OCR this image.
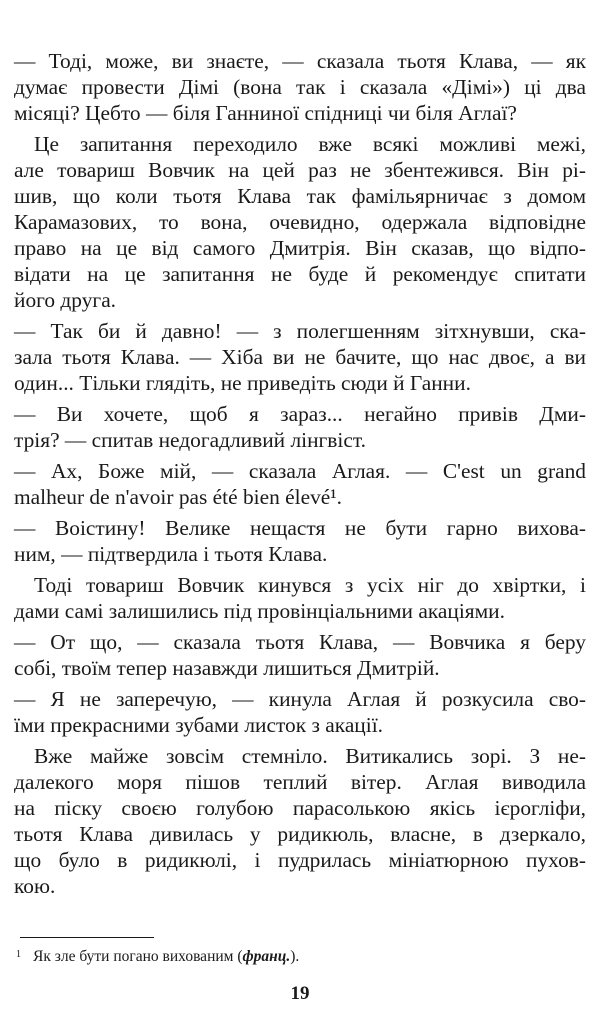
— Тоді, може, ви знаєте, — сказала тьотя Клава, — як

думає провести Дімі (вона так і сказала «Дімі») ці два

місяці? Цебто — біля Ганниної спідниці чи біля Аглаї?

Це запитання переходило вже всякі можливі межі,

але товариш Вовчик на цей раз не збентежився. Він рі-

шив, що коли тьотя Клава так фамільярничає з домом

Карамазових, то вона, очевидно, одержала відповідне

право на це від самого Дмитрія. Він сказав, що відпо-

відати на це запитання не буде й рекомендує спитати

його друга.

— Так би й давно! — з полегшенням зітхнувши, ска-

зала тьотя Клава. — Хіба ви не бачите, що нас двоє, а ви

один... Тільки глядіть, не приведіть сюди й Ганни.

— Ви хочете, щоб я зараз... негайно привів Дми-

трія? — спитав недогадливий лінгвіст.

— Ах, Боже мій, — сказала Аглая. — C'est un grand

malheur de n'avoir pas été bien élevé¹.

— Воістину! Велике нещастя не бути гарно вихова-

ним, — підтвердила і тьотя Клава.

Тоді товариш Вовчик кинувся з усіх ніг до хвіртки, і

дами самі залишились під провінціальними акаціями.

— От що, — сказала тьотя Клава, — Вовчика я беру

собі, твоїм тепер назавжди лишиться Дмитрій.

— Я не заперечую, — кинула Аглая й розкусила сво-

їми прекрасними зубами листок з акації.

Вже майже зовсім стемніло. Витикались зорі. З не-

далекого моря пішов теплий вітер. Аглая виводила

на піску своєю голубою парасолькою якісь ієрогліфи,

тьотя Клава дивилась у ридикюль, власне, в дзеркало,

що було в ридикюлі, і пудрилась мініатюрною пухов-

кою.

$^1$ Як зле бути погано вихованим (франц.).

19
